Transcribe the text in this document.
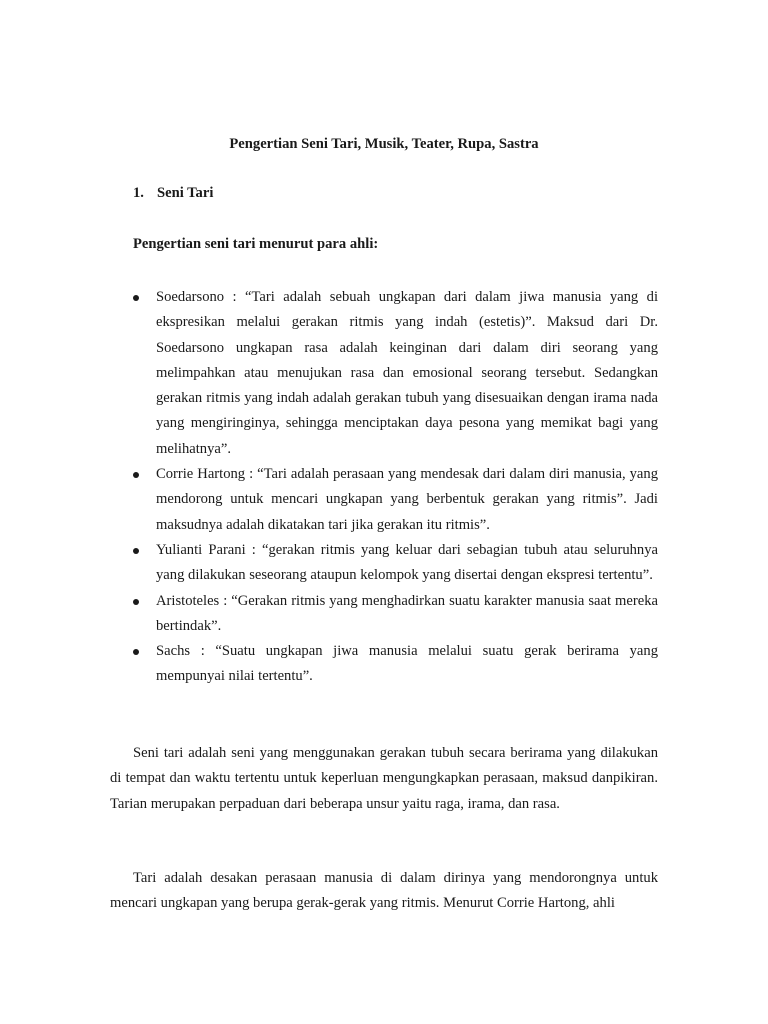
Pengertian Seni Tari, Musik, Teater, Rupa, Sastra
1. Seni Tari

Pengertian seni tari menurut para ahli:

Soedarsono : “Tari adalah sebuah ungkapan dari dalam jiwa manusia yang di ekspresikan melalui gerakan ritmis yang indah (estetis)”. Maksud dari Dr. Soedarsono ungkapan rasa adalah keinginan dari dalam diri seorang yang melimpahkan atau menujukan rasa dan emosional seorang tersebut. Sedangkan gerakan ritmis yang indah adalah gerakan tubuh yang disesuaikan dengan irama nada yang mengiringinya, sehingga menciptakan daya pesona yang memikat bagi yang melihatnya”.
Corrie Hartong : “Tari adalah perasaan yang mendesak dari dalam diri manusia, yang mendorong untuk mencari ungkapan yang berbentuk gerakan yang ritmis”. Jadi maksudnya adalah dikatakan tari jika gerakan itu ritmis”.
Yulianti Parani : “gerakan ritmis yang keluar dari sebagian tubuh atau seluruhnya yang dilakukan seseorang ataupun kelompok yang disertai dengan ekspresi tertentu”.
Aristoteles : “Gerakan ritmis yang menghadirkan suatu karakter manusia saat mereka bertindak”.
Sachs : “Suatu ungkapan jiwa manusia melalui suatu gerak berirama yang mempunyai nilai tertentu”.

Seni tari adalah seni yang menggunakan gerakan tubuh secara berirama yang dilakukan di tempat dan waktu tertentu untuk keperluan mengungkapkan perasaan, maksud danpikiran. Tarian merupakan perpaduan dari beberapa unsur yaitu raga, irama, dan rasa.

Tari adalah desakan perasaan manusia di dalam dirinya yang mendorongnya untuk mencari ungkapan yang berupa gerak-gerak yang ritmis. Menurut Corrie Hartong, ahli
